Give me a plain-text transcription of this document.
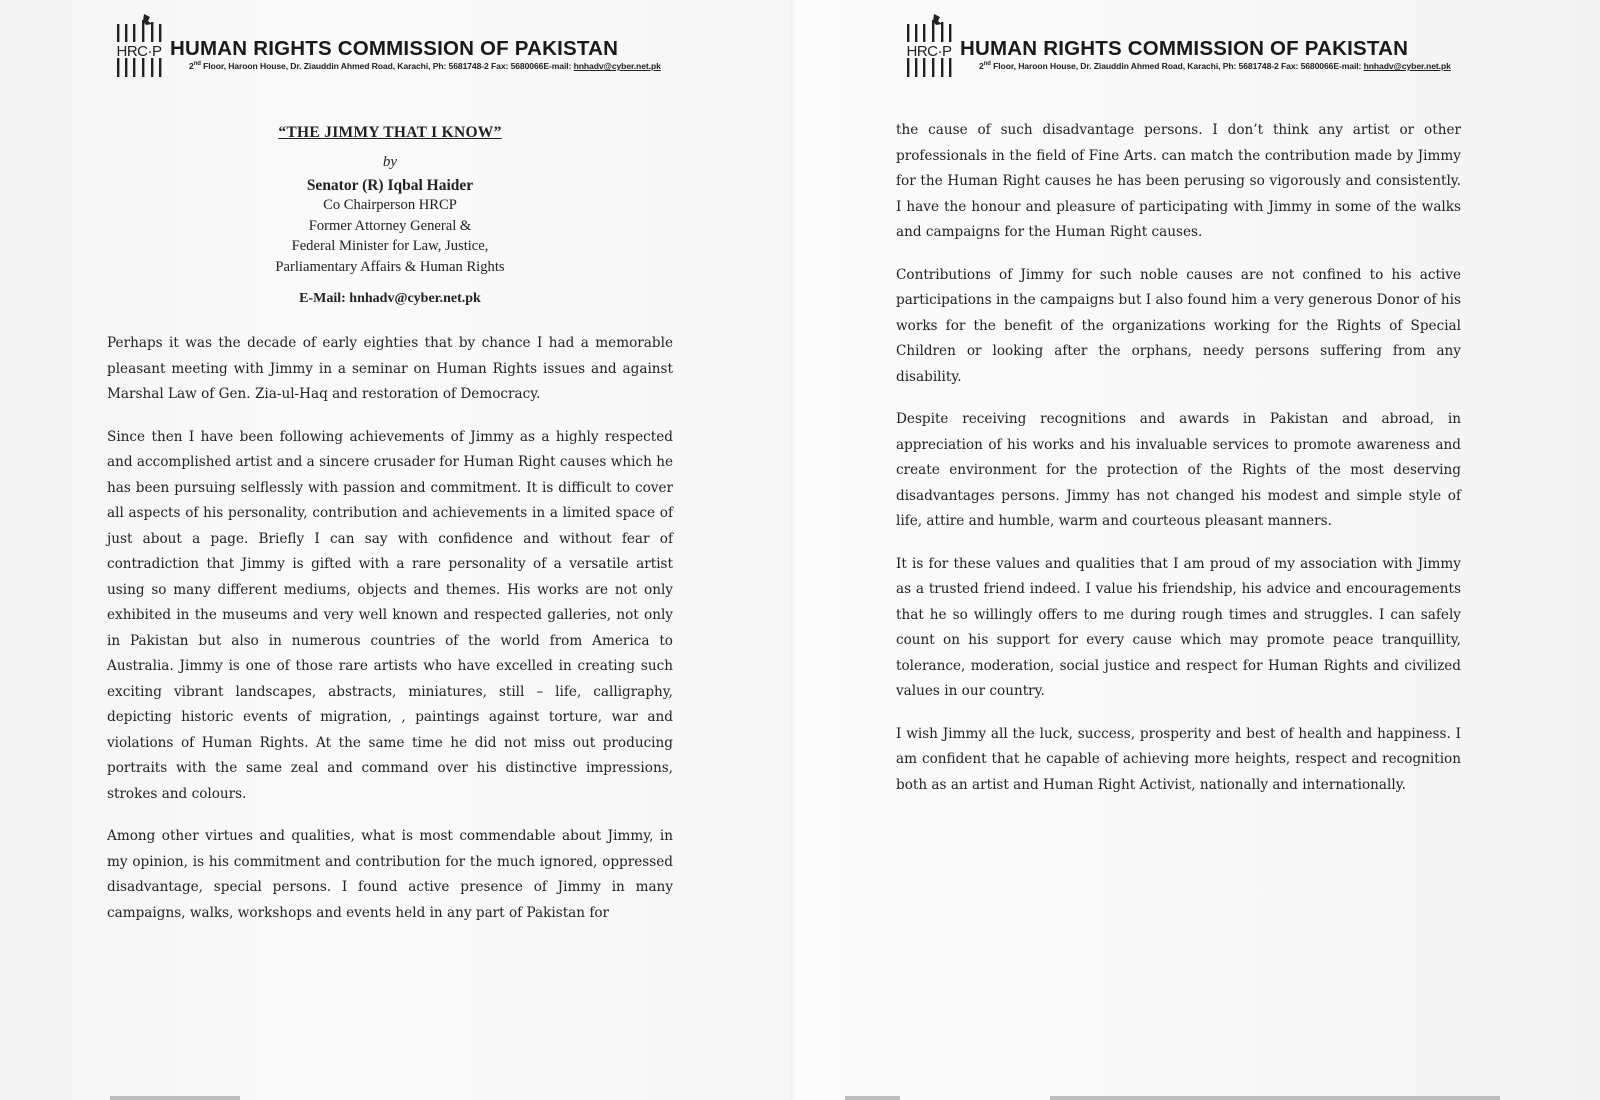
HRC·P HUMAN RIGHTS COMMISSION OF PAKISTAN
2nd Floor, Haroon House, Dr. Ziauddin Ahmed Road, Karachi, Ph: 5681748-2 Fax: 5680066E-mail: hnhadv@cyber.net.pk
“THE JIMMY THAT I KNOW”
by
Senator (R) Iqbal Haider
Co Chairperson HRCP
Former Attorney General &
Federal Minister for Law, Justice,
Parliamentary Affairs & Human Rights
E-Mail: hnhadv@cyber.net.pk

Perhaps it was the decade of early eighties that by chance I had a memorable pleasant meeting with Jimmy in a seminar on Human Rights issues and against Marshal Law of Gen. Zia-ul-Haq and restoration of Democracy.

Since then I have been following achievements of Jimmy as a highly respected and accomplished artist and a sincere crusader for Human Right causes which he has been pursuing selflessly with passion and commitment. It is difficult to cover all aspects of his personality, contribution and achievements in a limited space of just about a page. Briefly I can say with confidence and without fear of contradiction that Jimmy is gifted with a rare personality of a versatile artist using so many different mediums, objects and themes. His works are not only exhibited in the museums and very well known and respected galleries, not only in Pakistan but also in numerous countries of the world from America to Australia. Jimmy is one of those rare artists who have excelled in creating such exciting vibrant landscapes, abstracts, miniatures, still – life, calligraphy, depicting historic events of migration, , paintings against torture, war and violations of Human Rights. At the same time he did not miss out producing portraits with the same zeal and command over his distinctive impressions, strokes and colours.

Among other virtues and qualities, what is most commendable about Jimmy, in my opinion, is his commitment and contribution for the much ignored, oppressed disadvantage, special persons. I found active presence of Jimmy in many campaigns, walks, workshops and events held in any part of Pakistan for

HRC·P HUMAN RIGHTS COMMISSION OF PAKISTAN
2nd Floor, Haroon House, Dr. Ziauddin Ahmed Road, Karachi, Ph: 5681748-2 Fax: 5680066E-mail: hnhadv@cyber.net.pk

the cause of such disadvantage persons. I don’t think any artist or other professionals in the field of Fine Arts. can match the contribution made by Jimmy for the Human Right causes he has been perusing so vigorously and consistently. I have the honour and pleasure of participating with Jimmy in some of the walks and campaigns for the Human Right causes.

Contributions of Jimmy for such noble causes are not confined to his active participations in the campaigns but I also found him a very generous Donor of his works for the benefit of the organizations working for the Rights of Special Children or looking after the orphans, needy persons suffering from any disability.

Despite receiving recognitions and awards in Pakistan and abroad, in appreciation of his works and his invaluable services to promote awareness and create environment for the protection of the Rights of the most deserving disadvantages persons. Jimmy has not changed his modest and simple style of life, attire and humble, warm and courteous pleasant manners.

It is for these values and qualities that I am proud of my association with Jimmy as a trusted friend indeed. I value his friendship, his advice and encouragements that he so willingly offers to me during rough times and struggles. I can safely count on his support for every cause which may promote peace tranquillity, tolerance, moderation, social justice and respect for Human Rights and civilized values in our country.

I wish Jimmy all the luck, success, prosperity and best of health and happiness. I am confident that he capable of achieving more heights, respect and recognition both as an artist and Human Right Activist, nationally and internationally.
